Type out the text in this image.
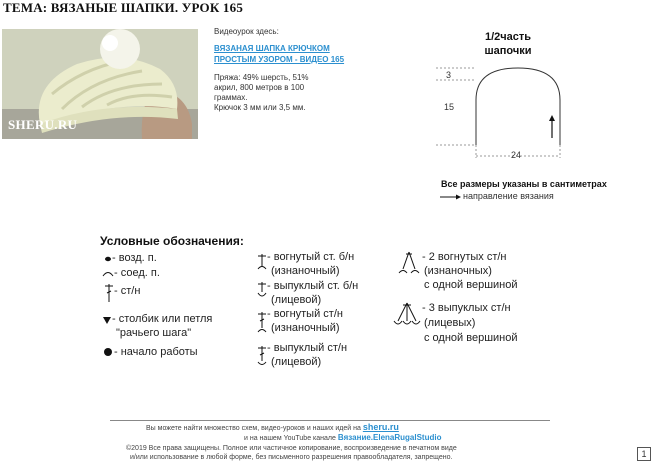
ТЕМА: ВЯЗАНЫЕ ШАПКИ. УРОК 165
SHERU.RU
Видеоурок здесь:
ВЯЗАНАЯ ШАПКА КРЮЧКОМ
ПРОСТЫМ УЗОРОМ - ВИДЕО 165
Пряжа: 49% шерсть, 51%
акрил, 800 метров в 100
граммах.
Крючок 3 мм или 3,5 мм.
1/2часть
шапочки
3
15
24
Все размеры указаны в сантиметрах
направление вязания
Условные обозначения:
- возд. п.
- соед. п.
- ст/н
- столбик или петля
"рачьего шага"
- начало работы
- вогнутый ст. б/н
(изнаночный)
- выпуклый ст. б/н
(лицевой)
- вогнутый ст/н
(изнаночный)
- выпуклый ст/н
(лицевой)
- 2 вогнутых ст/н
(изнаночных)
с одной вершиной
- 3 выпуклых ст/н
(лицевых)
с одной вершиной
Вы можете найти множество схем, видео-уроков и наших идей на sheru.ru
и на нашем YouTube канале Вязание.ElenaRugalStudio
©2019 Все права защищены. Полное или частичное копирование, воспроизведение в печатном виде
и/или использование в любой форме, без письменного разрешения правообладателя, запрещено.	1
